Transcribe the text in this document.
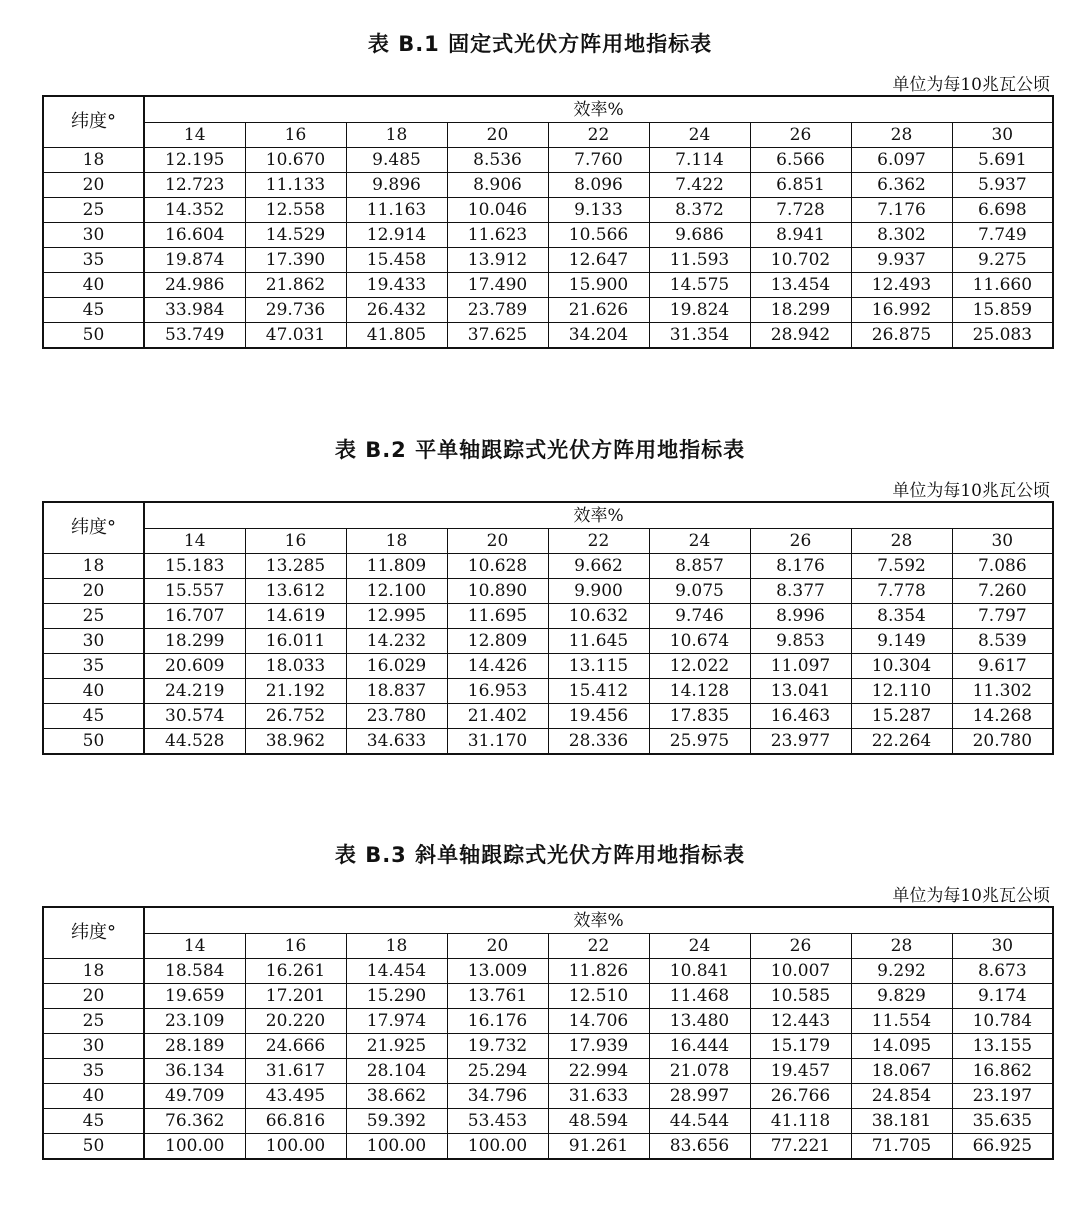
表 B.1 固定式光伏方阵用地指标表
单位为每10兆瓦公顷
纬度°	效率%								
	14	16	18	20	22	24	26	28	30
18	12.195	10.670	9.485	8.536	7.760	7.114	6.566	6.097	5.691
20	12.723	11.133	9.896	8.906	8.096	7.422	6.851	6.362	5.937
25	14.352	12.558	11.163	10.046	9.133	8.372	7.728	7.176	6.698
30	16.604	14.529	12.914	11.623	10.566	9.686	8.941	8.302	7.749
35	19.874	17.390	15.458	13.912	12.647	11.593	10.702	9.937	9.275
40	24.986	21.862	19.433	17.490	15.900	14.575	13.454	12.493	11.660
45	33.984	29.736	26.432	23.789	21.626	19.824	18.299	16.992	15.859
50	53.749	47.031	41.805	37.625	34.204	31.354	28.942	26.875	25.083
表 B.2 平单轴跟踪式光伏方阵用地指标表
单位为每10兆瓦公顷
纬度°	效率%								
	14	16	18	20	22	24	26	28	30
18	15.183	13.285	11.809	10.628	9.662	8.857	8.176	7.592	7.086
20	15.557	13.612	12.100	10.890	9.900	9.075	8.377	7.778	7.260
25	16.707	14.619	12.995	11.695	10.632	9.746	8.996	8.354	7.797
30	18.299	16.011	14.232	12.809	11.645	10.674	9.853	9.149	8.539
35	20.609	18.033	16.029	14.426	13.115	12.022	11.097	10.304	9.617
40	24.219	21.192	18.837	16.953	15.412	14.128	13.041	12.110	11.302
45	30.574	26.752	23.780	21.402	19.456	17.835	16.463	15.287	14.268
50	44.528	38.962	34.633	31.170	28.336	25.975	23.977	22.264	20.780
表 B.3 斜单轴跟踪式光伏方阵用地指标表
单位为每10兆瓦公顷
纬度°	效率%								
	14	16	18	20	22	24	26	28	30
18	18.584	16.261	14.454	13.009	11.826	10.841	10.007	9.292	8.673
20	19.659	17.201	15.290	13.761	12.510	11.468	10.585	9.829	9.174
25	23.109	20.220	17.974	16.176	14.706	13.480	12.443	11.554	10.784
30	28.189	24.666	21.925	19.732	17.939	16.444	15.179	14.095	13.155
35	36.134	31.617	28.104	25.294	22.994	21.078	19.457	18.067	16.862
40	49.709	43.495	38.662	34.796	31.633	28.997	26.766	24.854	23.197
45	76.362	66.816	59.392	53.453	48.594	44.544	41.118	38.181	35.635
50	100.00	100.00	100.00	100.00	91.261	83.656	77.221	71.705	66.925
